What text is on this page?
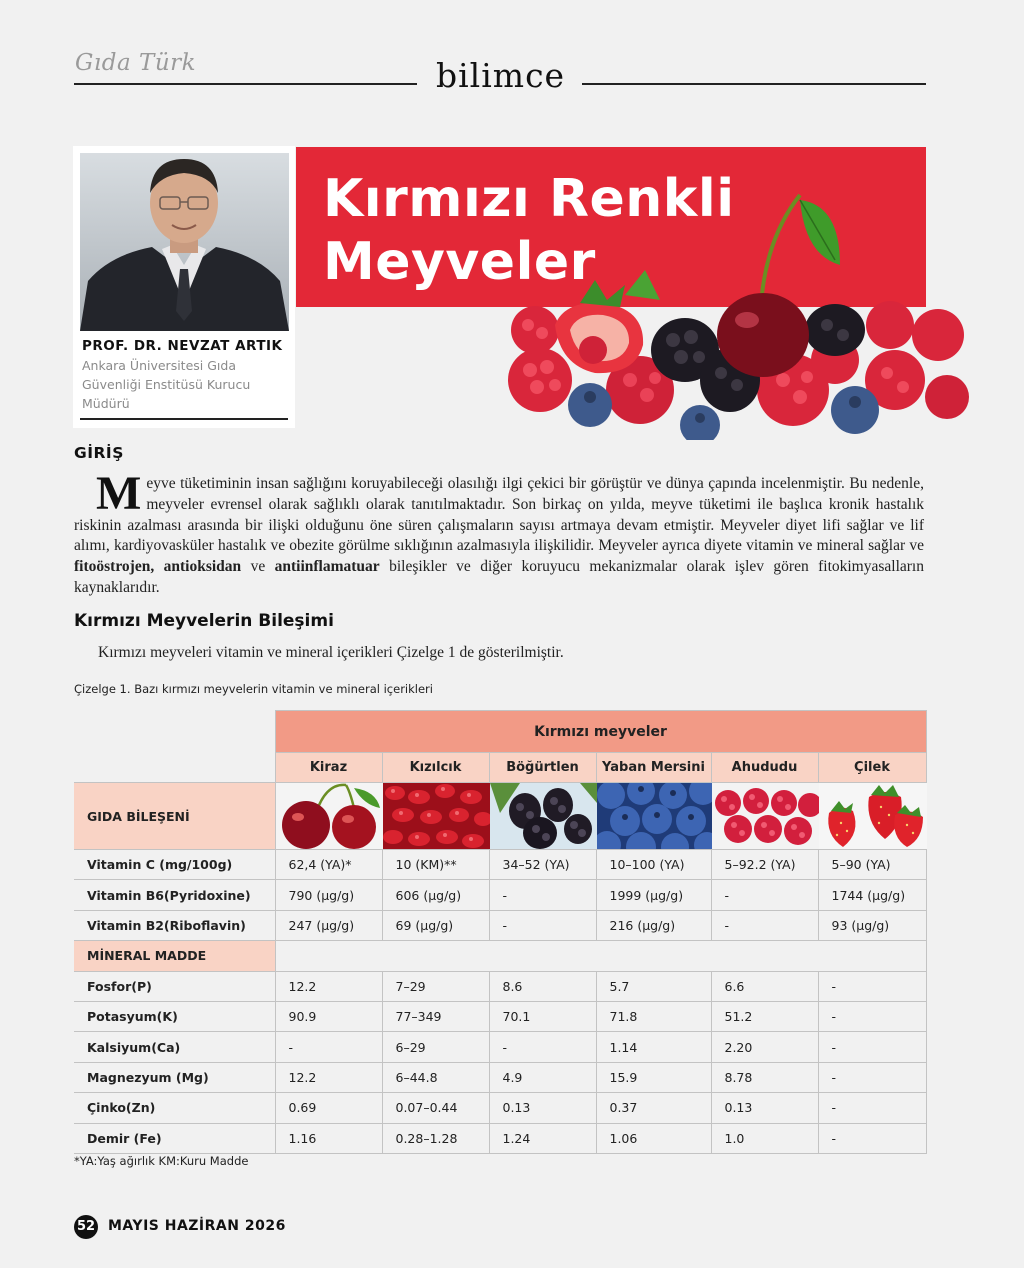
Gıda Türk	bilimce
PROF. DR. NEVZAT ARTIK
Ankara Üniversitesi Gıda Güvenliği Enstitüsü Kurucu Müdürü
Kırmızı Renkli
Meyveler
GİRİŞ
Meyve tüketiminin insan sağlığını koruyabileceği olasılığı ilgi çekici bir görüştür ve dünya çapında incelenmiştir. Bu nedenle, meyveler evrensel olarak sağlıklı olarak tanıtılmaktadır. Son birkaç on yılda, meyve tüketimi ile başlıca kronik hastalık riskinin azalması arasında bir ilişki olduğunu öne süren çalışmaların sayısı artmaya devam etmiştir. Meyveler diyet lifi sağlar ve lif alımı, kardiyovasküler hastalık ve obezite görülme sıklığının azalmasıyla ilişkilidir. Meyveler ayrıca diyete vitamin ve mineral sağlar ve fitoöstrojen, antioksidan ve antiinflamatuar bileşikler ve diğer koruyucu mekanizmalar olarak işlev gören fitokimyasalların kaynaklarıdır.
Kırmızı Meyvelerin Bileşimi
Kırmızı meyveleri vitamin ve mineral içerikleri Çizelge 1 de gösterilmiştir.
Çizelge 1. Bazı kırmızı meyvelerin vitamin ve mineral içerikleri
	Kırmızı meyveler					
	Kiraz	Kızılcık	Böğürtlen	Yaban Mersini	Ahududu	Çilek
GIDA BİLEŞENİ	

Vitamin C (mg/100g)	62,4 (YA)*	10 (KM)**	34–52 (YA)	10–100 (YA)	5–92.2 (YA)	5–90 (YA)
Vitamin B6(Pyridoxine)	790 (µg/g)	606 (µg/g)	-	1999 (µg/g)	-	1744 (µg/g)
Vitamin B2(Riboflavin)	247 (µg/g)	69 (µg/g)	-	216 (µg/g)	-	93 (µg/g)
MİNERAL MADDE						
Fosfor(P)	12.2	7–29	8.6	5.7	6.6	-
Potasyum(K)	90.9	77–349	70.1	71.8	51.2	-
Kalsiyum(Ca)	-	6–29	-	1.14	2.20	-
Magnezyum (Mg)	12.2	6–44.8	4.9	15.9	8.78	-
Çinko(Zn)	0.69	0.07–0.44	0.13	0.37	0.13	-
Demir (Fe)	1.16	0.28–1.28	1.24	1.06	1.0	-
*YA:Yaş ağırlık KM:Kuru Madde
52 MAYIS HAZİRAN 2026
